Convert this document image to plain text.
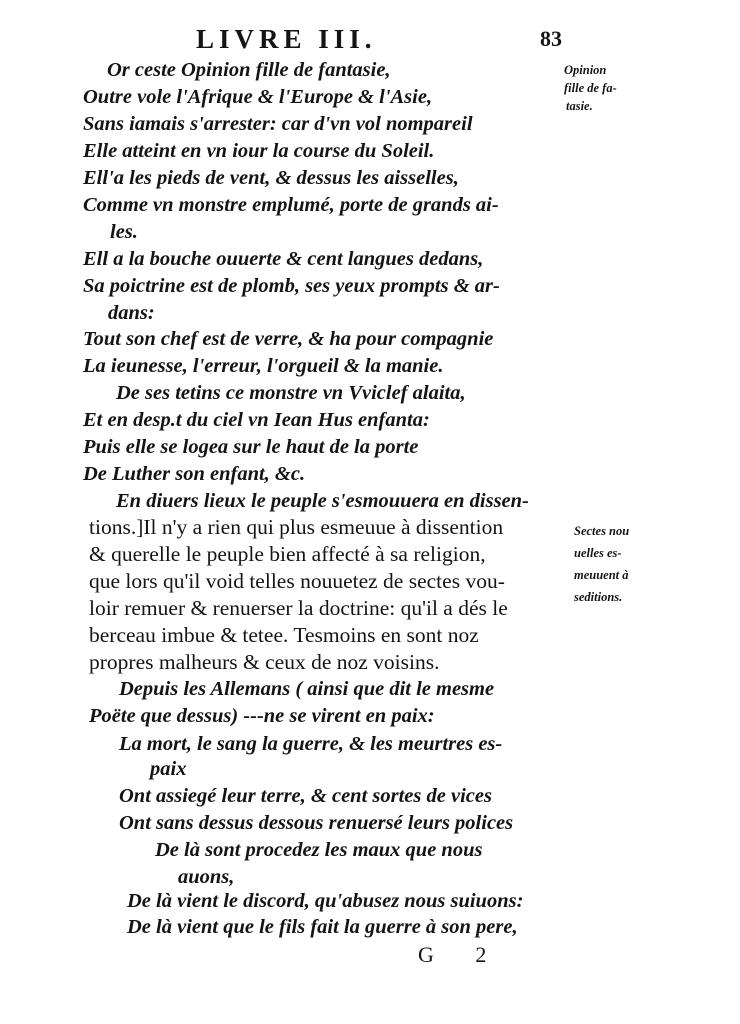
LIVRE III.	83
Or ceste Opinion fille de fantasie,
Outre vole l'Afrique & l'Europe & l'Asie,
Sans iamais s'arrester: car d'vn vol nompareil
Elle atteint en vn iour la course du Soleil.
Ell'a les pieds de vent, & dessus les aisselles,
Comme vn monstre emplumé, porte de grands ai-
les.
Ell a la bouche ouuerte & cent langues dedans,
Sa poictrine est de plomb, ses yeux prompts & ar-
dans:
Tout son chef est de verre, & ha pour compagnie
La ieunesse, l'erreur, l'orgueil & la manie.
De ses tetins ce monstre vn Vviclef alaita,
Et en desp.t du ciel vn Iean Hus enfanta:
Puis elle se logea sur le haut de la porte
De Luther son enfant, &c.
En diuers lieux le peuple s'esmouuera en dissen-
tions.]Il n'y a rien qui plus esmeuue à dissention
& querelle le peuple bien affecté à sa religion,
que lors qu'il void telles nouuetez de sectes vou-
loir remuer & renuerser la doctrine: qu'il a dés le
berceau imbue & tetee. Tesmoins en sont noz
propres malheurs & ceux de noz voisins.
Depuis les Allemans ( ainsi que dit le mesme
Poëte que dessus) ---ne se virent en paix:
La mort, le sang la guerre, & les meurtres es-
paix
Ont assiegé leur terre, & cent sortes de vices
Ont sans dessus dessous renuersé leurs polices
De là sont procedez les maux que nous
auons,
De là vient le discord, qu'abusez nous suiuons:
De là vient que le fils fait la guerre à son pere,
Opinion
fille de fa-
tasie.
Sectes nou
uelles es-
meuuent à
seditions.
G 2
